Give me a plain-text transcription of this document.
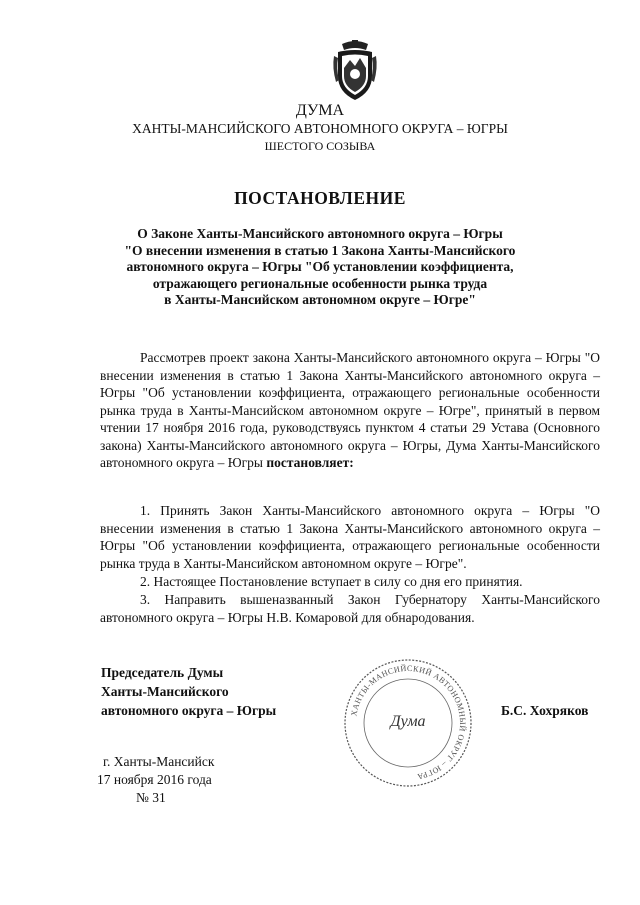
ДУМА
ХАНТЫ-МАНСИЙСКОГО АВТОНОМНОГО ОКРУГА – ЮГРЫ
ШЕСТОГО СОЗЫВА
ПОСТАНОВЛЕНИЕ
О Законе Ханты-Мансийского автономного округа – Югры
"О внесении изменения в статью 1 Закона Ханты-Мансийского
автономного округа – Югры "Об установлении коэффициента,
отражающего региональные особенности рынка труда
в Ханты-Мансийском автономном округе – Югре"
Рассмотрев проект закона Ханты-Мансийского автономного округа – Югры "О внесении изменения в статью 1 Закона Ханты-Мансийского автономного округа – Югры "Об установлении коэффициента, отражающего региональные особенности рынка труда в Ханты-Мансийском автономном округе – Югре", принятый в первом чтении 17 ноября 2016 года, руководствуясь пунктом 4 статьи 29 Устава (Основного закона) Ханты-Мансийского автономного округа – Югры, Дума Ханты-Мансийского автономного округа – Югры постановляет:
1. Принять Закон Ханты-Мансийского автономного округа – Югры "О внесении изменения в статью 1 Закона Ханты-Мансийского автономного округа – Югры "Об установлении коэффициента, отражающего региональные особенности рынка труда в Ханты-Мансийском автономном округе – Югре".
2. Настоящее Постановление вступает в силу со дня его принятия.
3. Направить вышеназванный Закон Губернатору Ханты-Мансийского автономного округа – Югры Н.В. Комаровой для обнародования.
Председатель Думы
Ханты-Мансийского
автономного округа – Югры	Б.С. Хохряков
ХАНТЫ-МАНСИЙСКИЙ АВТОНОМНЫЙ ОКРУГ – ЮГРА
Дума
г. Ханты-Мансийск
17 ноября 2016 года
№ 31
